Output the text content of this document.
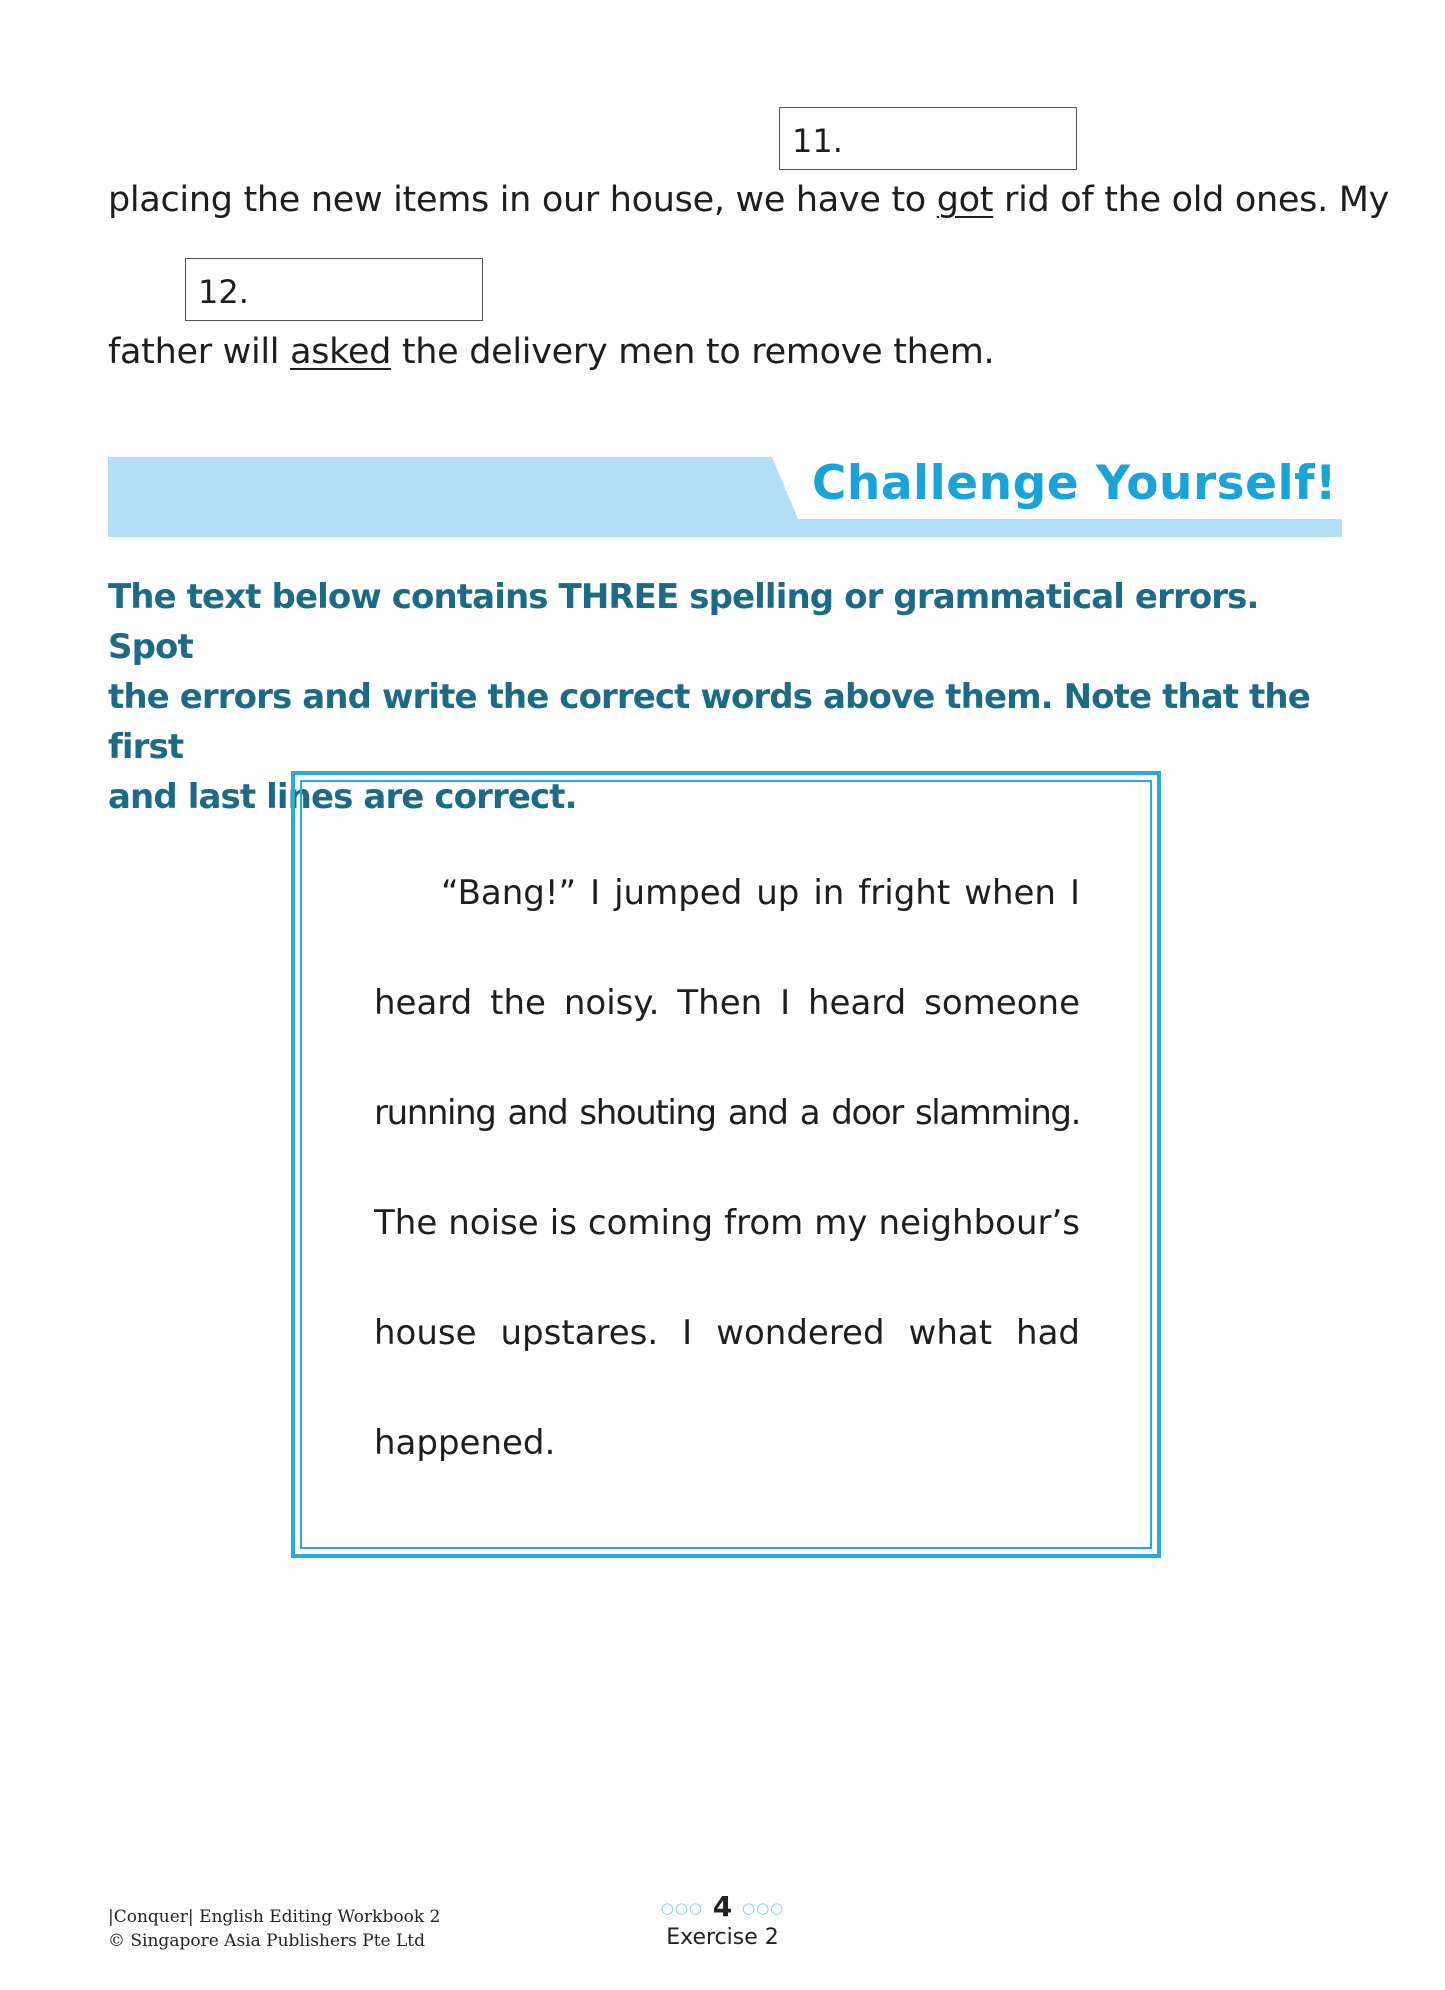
11.
placing the new items in our house, we have to got rid of the old ones. My
12.
father will asked the delivery men to remove them.
Challenge Yourself!
The text below contains THREE spelling or grammatical errors. Spot
the errors and write the correct words above them. Note that the first
and last lines are correct.
“Bang!” I jumped up in fright when I
heard the noisy. Then I heard someone
running and shouting and a door slamming.
The noise is coming from my neighbour’s
house upstares. I wondered what had
happened.
|Conquer| English Editing Workbook 2
© Singapore Asia Publishers Pte Ltd
○○○ 4 ○○○
Exercise 2
